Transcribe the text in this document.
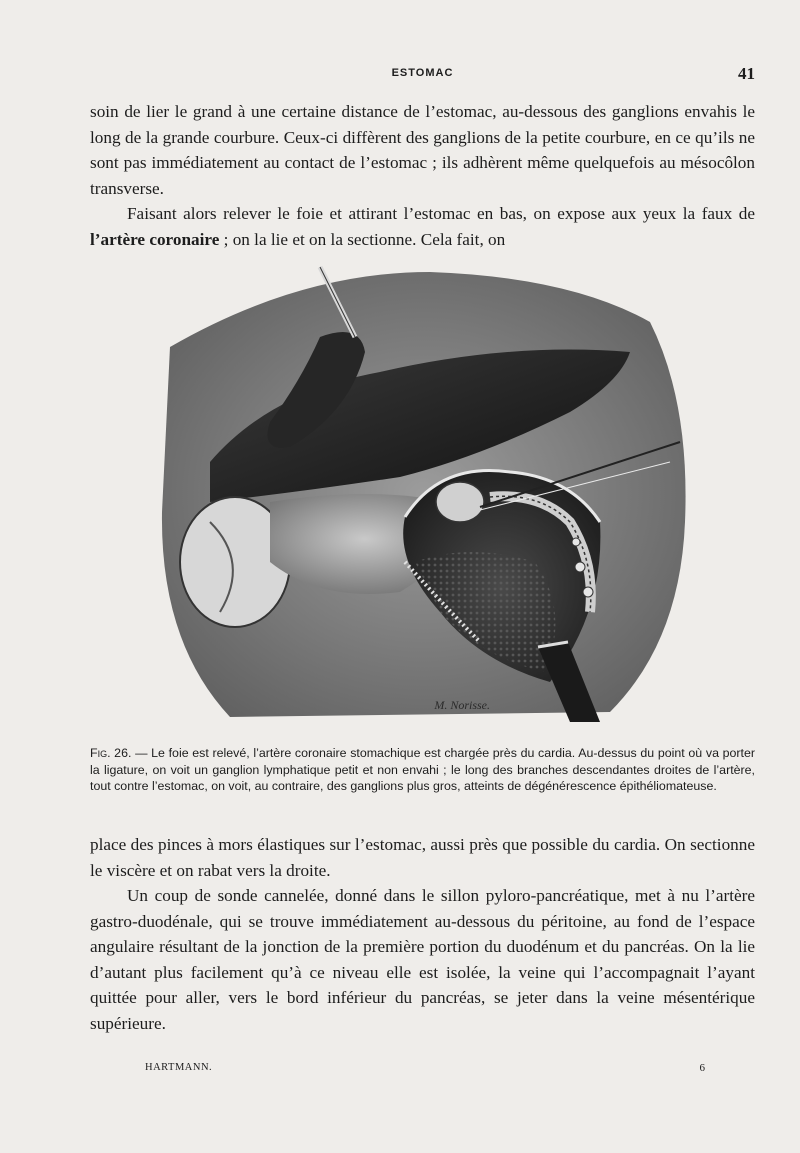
ESTOMAC	41

soin de lier le grand à une certaine distance de l’estomac, au-dessous des ganglions envahis le long de la grande courbure. Ceux-ci diffèrent des ganglions de la petite courbure, en ce qu’ils ne sont pas immédiatement au contact de l’estomac ; ils adhèrent même quelquefois au mésocôlon transverse.

Faisant alors relever le foie et attirant l’estomac en bas, on expose aux yeux la faux de l’artère coronaire ; on la lie et on la sectionne. Cela fait, on

M. Norisse.

Fig. 26. — Le foie est relevé, l’artère coronaire stomachique est chargée près du cardia. Au-dessus du point où va porter la ligature, on voit un ganglion lymphatique petit et non envahi ; le long des branches descendantes droites de l’artère, tout contre l’estomac, on voit, au contraire, des ganglions plus gros, atteints de dégénérescence épithéliomateuse.

place des pinces à mors élastiques sur l’estomac, aussi près que possible du cardia. On sectionne le viscère et on rabat vers la droite.

Un coup de sonde cannelée, donné dans le sillon pyloro-pancréatique, met à nu l’artère gastro-duodénale, qui se trouve immédiatement au-dessous du péritoine, au fond de l’espace angulaire résultant de la jonction de la première portion du duodénum et du pancréas. On la lie d’autant plus facilement qu’à ce niveau elle est isolée, la veine qui l’accompagnait l’ayant quittée pour aller, vers le bord inférieur du pancréas, se jeter dans la veine mésentérique supérieure.

HARTMANN.	6
